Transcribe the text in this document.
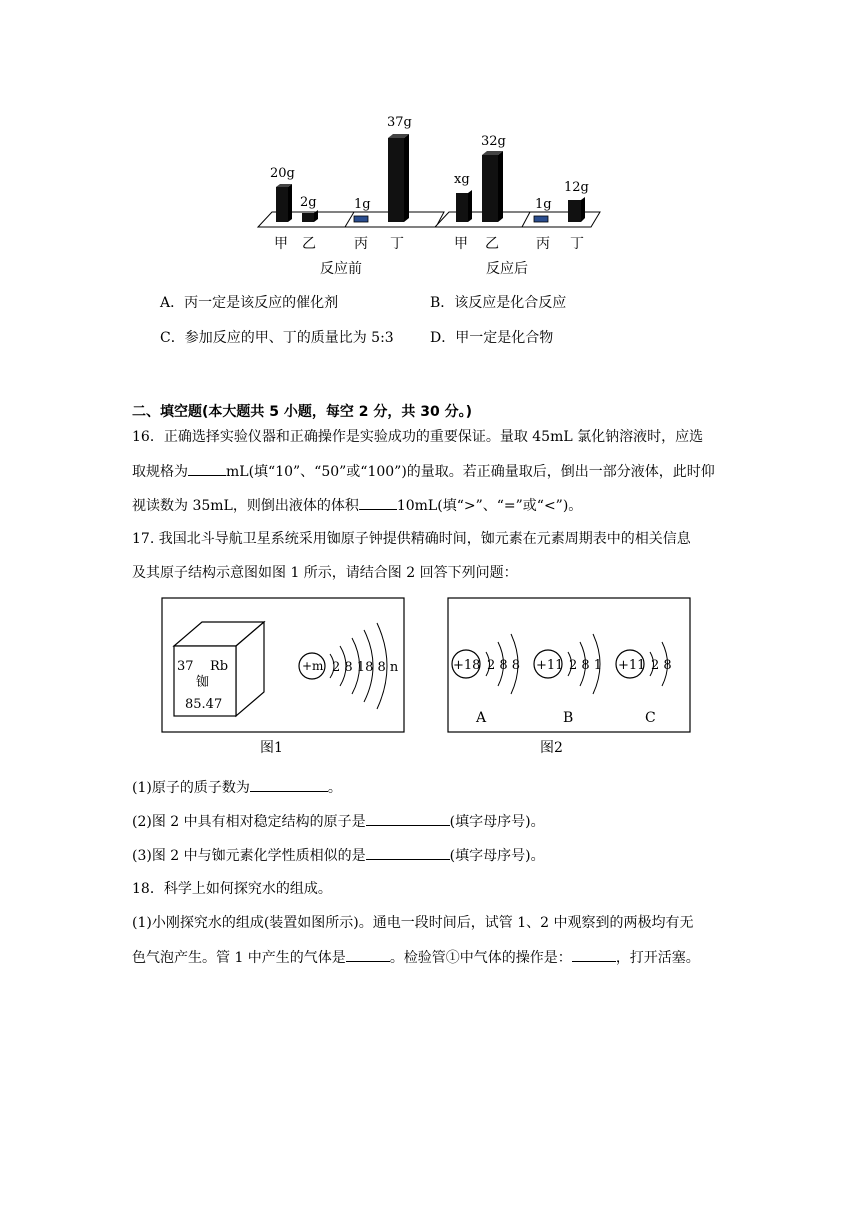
20g
2g	1g
37g
xg
32g
1g
12g
甲 乙	丙 丁	甲 乙	丙 丁
反应前	反应后
A．丙一定是该反应的催化剂	B．该反应是化合反应
C．参加反应的甲、丁的质量比为 5:3	D．甲一定是化合物
二、填空题(本大题共 5 小题，每空 2 分，共 30 分。)
16．正确选择实验仪器和正确操作是实验成功的重要保证。量取 45mL 氯化钠溶液时，应选
取规格为	mL(填“10”、“50”或“100”)的量取。若正确量取后，倒出一部分液体，此时仰
视读数为 35mL，则倒出液体的体积	10mL(填“>”、“=”或“<”)。
17. 我国北斗导航卫星系统采用铷原子钟提供精确时间，铷元素在元素周期表中的相关信息
及其原子结构示意图如图 1 所示，请结合图 2 回答下列问题：
37 Rb
铷
85.47
+m 2 8 18 8 n
图1
+18 2 8 8 +11 2 8 1 +11 2 8
A	B	C
图2
(1)原子的质子数为	。
(2)图 2 中具有相对稳定结构的原子是	(填字母序号)。
(3)图 2 中与铷元素化学性质相似的是	(填字母序号)。
18．科学上如何探究水的组成。
(1)小刚探究水的组成(装置如图所示)。通电一段时间后，试管 1、2 中观察到的两极均有无
色气泡产生。管 1 中产生的气体是	。检验管①中气体的操作是：	，打开活塞。
